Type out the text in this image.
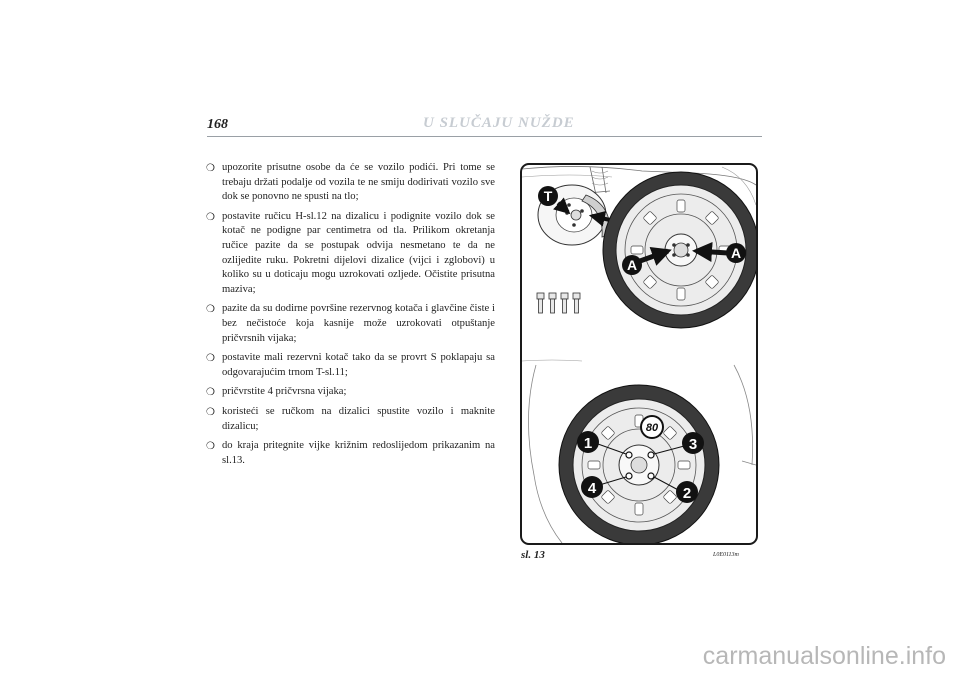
168	U SLUČAJU NUŽDE
❍ upozorite prisutne osobe da će se vozilo podići. Pri tome se trebaju držati podalje od vozila te ne smiju dodirivati vozilo sve dok se ponovno ne spusti na tlo;
❍ postavite ručicu H-sl.12 na dizalicu i podignite vozilo dok se kotač ne podigne par centimetra od tla. Prilikom okretanja ručice pazite da se postupak odvija nesmetano te da ne ozlijedite ruku. Pokretni dijelovi dizalice (vijci i zglobovi) u koliko su u doticaju mogu uzrokovati ozljede. Očistite prisutna maziva;
❍ pazite da su dodirne površine rezervnog kotača i glavčine čiste i bez nečistoće koja kasnije može uzrokovati otpuštanje pričvrsnih vijaka;
❍ postavite mali rezervni kotač tako da se provrt S poklapaju sa odgovarajućim trnom T-sl.11;
❍ pričvrstite 4 pričvrsna vijaka;
❍ koristeći se ručkom na dizalici spustite vozilo i maknite dizalicu;
❍ do kraja pritegnite vijke križnim redoslijedom prikazanim na sl.13.
T
A
A
80
1	3
4	2
sl. 13	L0E0113m
carmanualsonline.info
